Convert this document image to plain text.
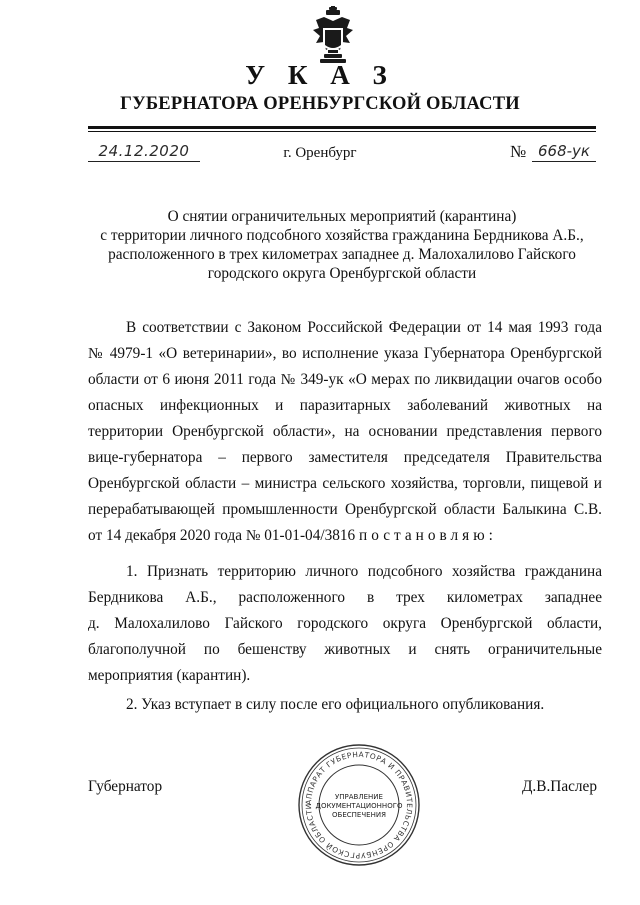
У К А З
ГУБЕРНАТОРА ОРЕНБУРГСКОЙ ОБЛАСТИ
24.12.2020	г. Оренбург	№ 668-ук
О снятии ограничительных мероприятий (карантина)
с территории личного подсобного хозяйства гражданина Бердникова А.Б.,
расположенного в трех километрах западнее д. Малохалилово Гайского
городского округа Оренбургской области
В соответствии с Законом Российской Федерации от 14 мая 1993 года
№ 4979-1 «О ветеринарии», во исполнение указа Губернатора Оренбургской
области от 6 июня 2011 года № 349-ук «О мерах по ликвидации очагов особо
опасных инфекционных и паразитарных заболеваний животных на
территории Оренбургской области», на основании представления первого
вице-губернатора – первого заместителя председателя Правительства
Оренбургской области – министра сельского хозяйства, торговли, пищевой и
перерабатывающей промышленности Оренбургской области Балыкина С.В.
от 14 декабря 2020 года № 01-01-04/3816 постановляю:
1. Признать территорию личного подсобного хозяйства гражданина
Бердникова А.Б., расположенного в трех километрах западнее
д. Малохалилово Гайского городского округа Оренбургской области,
благополучной по бешенству животных и снять ограничительные
мероприятия (карантин).
2. Указ вступает в силу после его официального опубликования.
Губернатор	Д.В.Паслер
АППАРАТ ГУБЕРНАТОРА И ПРАВИТЕЛЬСТВА ОРЕНБУРГСКОЙ ОБЛАСТИ
УПРАВЛЕНИЕ
ДОКУМЕНТАЦИОННОГО
ОБЕСПЕЧЕНИЯ
